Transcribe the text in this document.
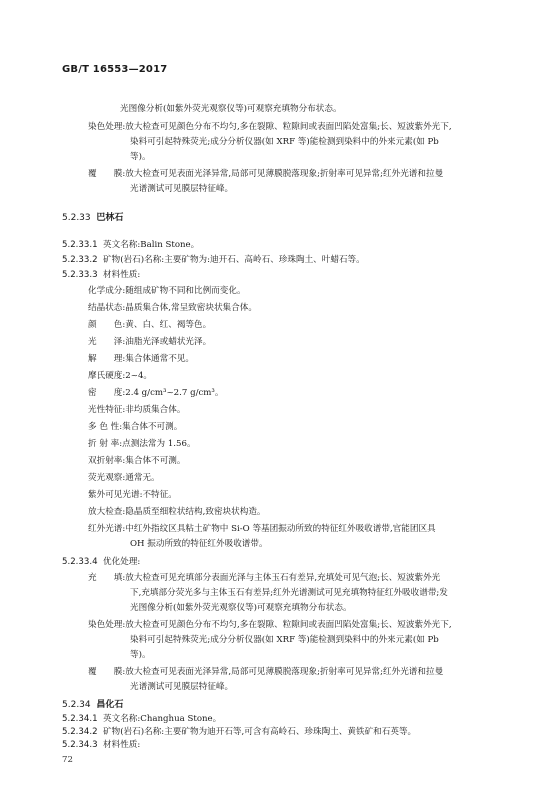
GB/T 16553—2017
光图像分析(如紫外荧光观察仪等)可观察充填物分布状态。
染色处理:放大检查可见颜色分布不均匀,多在裂隙、粒隙间或表面凹陷处富集;长、短波紫外光下,
染料可引起特殊荧光;成分分析仪器(如 XRF 等)能检测到染料中的外来元素(如 Pb
等)。
覆　　膜:放大检查可见表面光泽异常,局部可见薄膜脱落现象;折射率可见异常;红外光谱和拉曼
光谱测试可见膜层特征峰。
5.2.33 巴林石
5.2.33.1 英文名称:Balin Stone。
5.2.33.2 矿物(岩石)名称:主要矿物为:迪开石、高岭石、珍珠陶土、叶蜡石等。
5.2.33.3 材料性质:
化学成分:随组成矿物不同和比例而变化。
结晶状态:晶质集合体,常呈致密块状集合体。
颜　　色:黄、白、红、褐等色。
光　　泽:油脂光泽或蜡状光泽。
解　　理:集合体通常不见。
摩氏硬度:2~4。
密　　度:2.4 g/cm³~2.7 g/cm³。
光性特征:非均质集合体。
多 色 性:集合体不可测。
折 射 率:点测法常为 1.56。
双折射率:集合体不可测。
荧光观察:通常无。
紫外可见光谱:不特征。
放大检查:隐晶质至细粒状结构,致密块状构造。
红外光谱:中红外指纹区具粘土矿物中 Si-O 等基团振动所致的特征红外吸收谱带,官能团区具
OH 振动所致的特征红外吸收谱带。
5.2.33.4 优化处理:
充　　填:放大检查可见充填部分表面光泽与主体玉石有差异,充填处可见气泡;长、短波紫外光
下,充填部分荧光多与主体玉石有差异;红外光谱测试可见充填物特征红外吸收谱带;发
光图像分析(如紫外荧光观察仪等)可观察充填物分布状态。
染色处理:放大检查可见颜色分布不均匀,多在裂隙、粒隙间或表面凹陷处富集;长、短波紫外光下,
染料可引起特殊荧光;成分分析仪器(如 XRF 等)能检测到染料中的外来元素(如 Pb
等)。
覆　　膜:放大检查可见表面光泽异常,局部可见薄膜脱落现象;折射率可见异常;红外光谱和拉曼
光谱测试可见膜层特征峰。
5.2.34 昌化石
5.2.34.1 英文名称:Changhua Stone。
5.2.34.2 矿物(岩石)名称:主要矿物为迪开石等,可含有高岭石、珍珠陶土、黄铁矿和石英等。
5.2.34.3 材料性质:
72
